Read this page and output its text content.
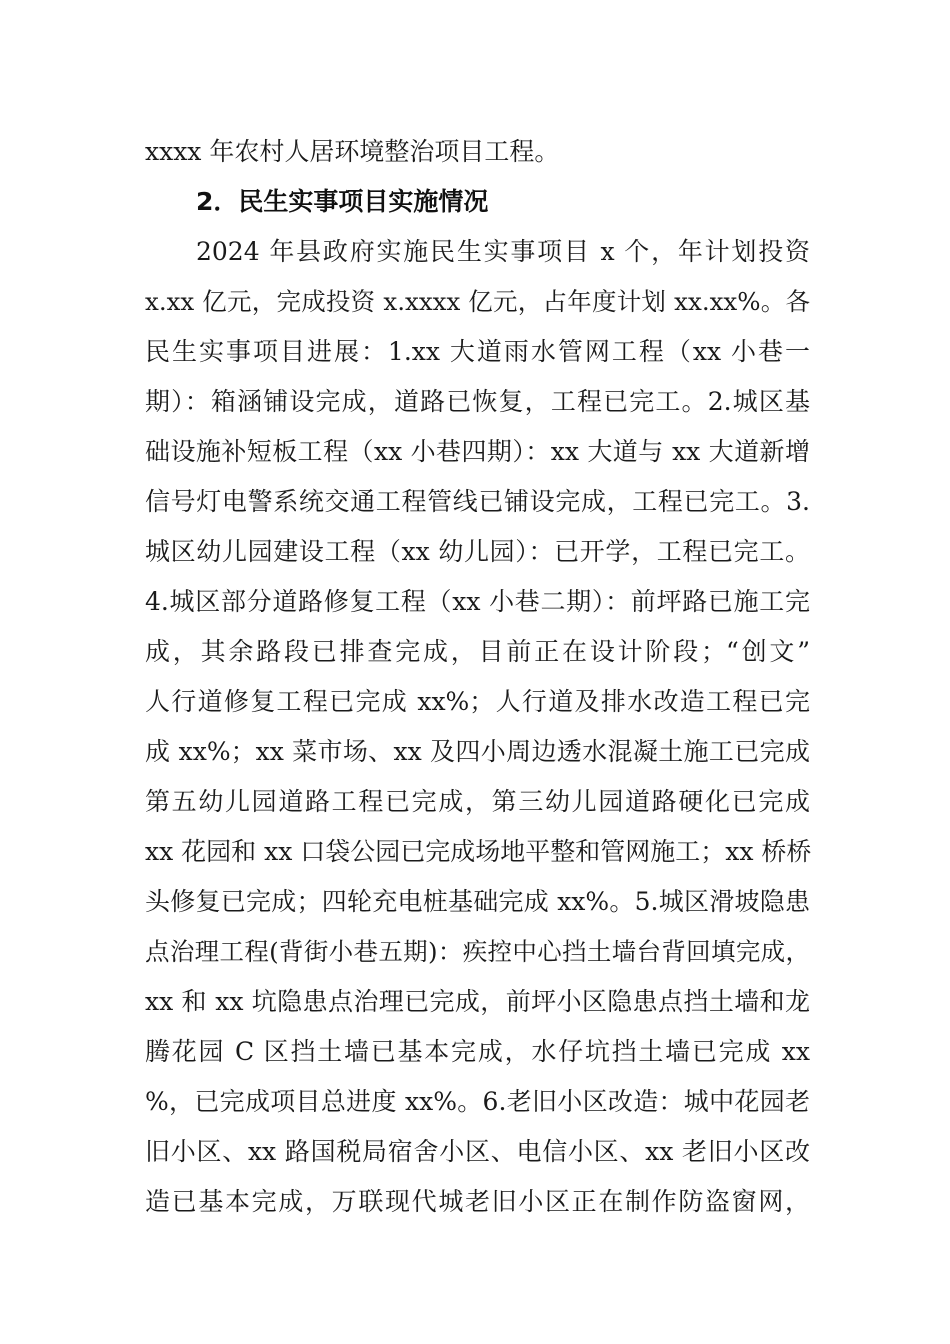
xxxx 年农村人居环境整治项目工程。
2．民生实事项目实施情况
2024 年县政府实施民生实事项目 x 个，年计划投资
x.xx 亿元，完成投资 x.xxxx 亿元，占年度计划 xx.xx%。各
民生实事项目进展：1.xx 大道雨水管网工程（xx 小巷一
期）：箱涵铺设完成，道路已恢复，工程已完工。2.城区基
础设施补短板工程（xx 小巷四期）：xx 大道与 xx 大道新增
信号灯电警系统交通工程管线已铺设完成，工程已完工。3.
城区幼儿园建设工程（xx 幼儿园）：已开学，工程已完工。
4.城区部分道路修复工程（xx 小巷二期）：前坪路已施工完
成，其余路段已排查完成，目前正在设计阶段；“创文”
人行道修复工程已完成 xx%；人行道及排水改造工程已完
成 xx%；xx 菜市场、xx 及四小周边透水混凝土施工已完成
第五幼儿园道路工程已完成，第三幼儿园道路硬化已完成
xx 花园和 xx 口袋公园已完成场地平整和管网施工；xx 桥桥
头修复已完成；四轮充电桩基础完成 xx%。5.城区滑坡隐患
点治理工程(背街小巷五期)：疾控中心挡土墙台背回填完成，
xx 和 xx 坑隐患点治理已完成，前坪小区隐患点挡土墙和龙
腾花园 C 区挡土墙已基本完成，水仔坑挡土墙已完成 xx
%，已完成项目总进度 xx%。6.老旧小区改造：城中花园老
旧小区、xx 路国税局宿舍小区、电信小区、xx 老旧小区改
造已基本完成，万联现代城老旧小区正在制作防盗窗网，
